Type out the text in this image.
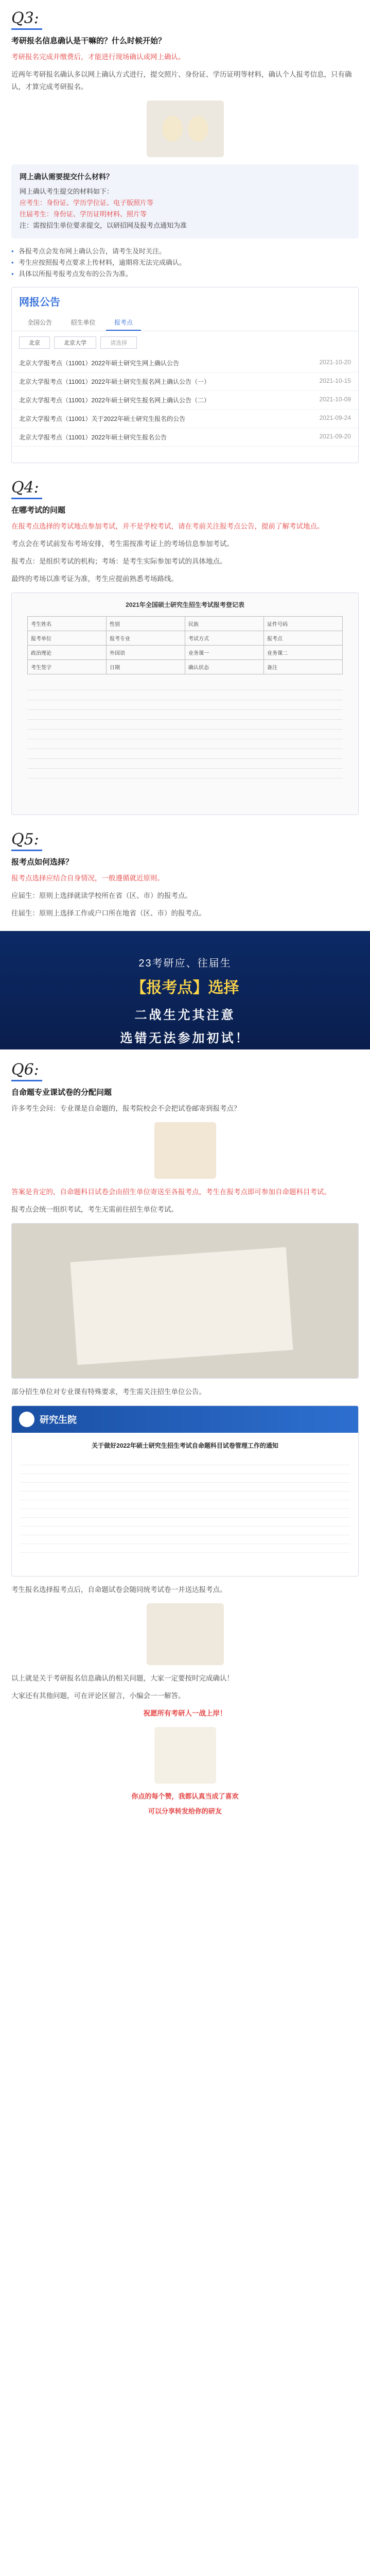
Q3:
考研报名信息确认是干嘛的？什么时候开始？
考研报名完成并缴费后，才能进行现场确认或网上确认。
近两年考研报名确认多以网上确认方式进行，提交照片、身份证、学历证明等材料，确认个人报考信息，只有确认，才算完成考研报名。
网上确认需要提交什么材料？
网上确认考生提交的材料如下：
应考生：身份证、学历学位证、电子版照片等
往届考生：身份证、学历证明材料、照片等
注：需按招生单位要求提交，以研招网及报考点通知为准
• 各报考点会发布网上确认公告，请考生及时关注。
• 考生应按照报考点要求上传材料，逾期将无法完成确认。
• 具体以所报考报考点发布的公告为准。
网报公告
全国公告	招生单位	报考点
北京	北京大学	请选择
北京大学报考点（11001）2022年硕士研究生网上确认公告	2021-10-20
北京大学报考点（11001）2022年硕士研究生报名网上确认公告（一）	2021-10-15
北京大学报考点（11001）2022年硕士研究生报名网上确认公告（二）	2021-10-09
北京大学报考点（11001）关于2022年硕士研究生报名的公告	2021-09-24
北京大学报考点（11001）2022年硕士研究生报名公告	2021-09-20
Q4:
在哪考试的问题
在报考点选择的考试地点参加考试，并不是学校考试，请在考前关注报考点公告，提前了解考试地点。
考点会在考试前发布考场安排，考生需按准考证上的考场信息参加考试。
报考点：是组织考试的机构；考场：是考生实际参加考试的具体地点。
最终的考场以准考证为准，考生应提前熟悉考场路线。
2021年全国硕士研究生招生考试报考登记表
考生姓名	性别	民族	证件号码
报考单位	报考专业	考试方式	报考点
政治理论	外国语	业务课一	业务课二
考生签字	日期	确认状态	备注
Q5:
报考点如何选择？
报考点选择应结合自身情况，一般遵循就近原则。
应届生：原则上选择就读学校所在省（区、市）的报考点。
往届生：原则上选择工作或户口所在地省（区、市）的报考点。
23考研应、往届生
【报考点】选择
二战生尤其注意
选错无法参加初试！
Q6:
自命题专业课试卷的分配问题
许多考生会问：专业课是自命题的，报考院校会不会把试卷邮寄到报考点？
答案是肯定的，自命题科目试卷会由招生单位寄送至各报考点，考生在报考点即可参加自命题科目考试。
报考点会统一组织考试，考生无需前往招生单位考试。
部分招生单位对专业课有特殊要求，考生需关注招生单位公告。
研究生院
关于做好2022年硕士研究生招生考试自命题科目试卷管理工作的通知
考生报名选择报考点后，自命题试卷会随同统考试卷一并送达报考点。
以上就是关于考研报名信息确认的相关问题，大家一定要按时完成确认！
大家还有其他问题，可在评论区留言，小编会一一解答。
祝愿所有考研人一战上岸！
你点的每个赞，我都认真当成了喜欢
可以分享转发给你的研友
